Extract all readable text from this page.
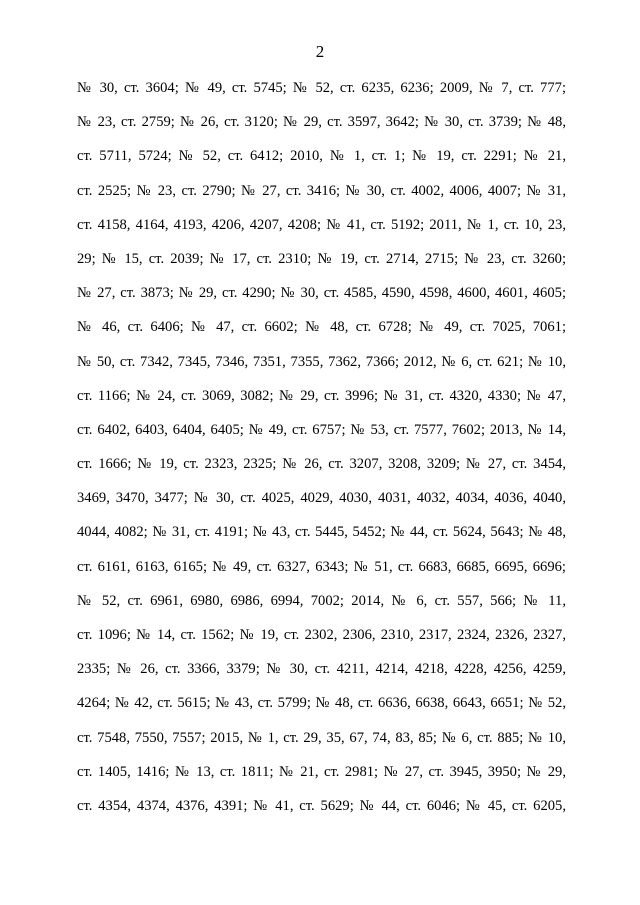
2
№ 30, ст. 3604; № 49, ст. 5745; № 52, ст. 6235, 6236; 2009, № 7, ст. 777;
№ 23, ст. 2759; № 26, ст. 3120; № 29, ст. 3597, 3642; № 30, ст. 3739; № 48,
ст. 5711, 5724; № 52, ст. 6412; 2010, № 1, ст. 1; № 19, ст. 2291; № 21,
ст. 2525; № 23, ст. 2790; № 27, ст. 3416; № 30, ст. 4002, 4006, 4007; № 31,
ст. 4158, 4164, 4193, 4206, 4207, 4208; № 41, ст. 5192; 2011, № 1, ст. 10, 23,
29; № 15, ст. 2039; № 17, ст. 2310; № 19, ст. 2714, 2715; № 23, ст. 3260;
№ 27, ст. 3873; № 29, ст. 4290; № 30, ст. 4585, 4590, 4598, 4600, 4601, 4605;
№ 46, ст. 6406; № 47, ст. 6602; № 48, ст. 6728; № 49, ст. 7025, 7061;
№ 50, ст. 7342, 7345, 7346, 7351, 7355, 7362, 7366; 2012, № 6, ст. 621; № 10,
ст. 1166; № 24, ст. 3069, 3082; № 29, ст. 3996; № 31, ст. 4320, 4330; № 47,
ст. 6402, 6403, 6404, 6405; № 49, ст. 6757; № 53, ст. 7577, 7602; 2013, № 14,
ст. 1666; № 19, ст. 2323, 2325; № 26, ст. 3207, 3208, 3209; № 27, ст. 3454,
3469, 3470, 3477; № 30, ст. 4025, 4029, 4030, 4031, 4032, 4034, 4036, 4040,
4044, 4082; № 31, ст. 4191; № 43, ст. 5445, 5452; № 44, ст. 5624, 5643; № 48,
ст. 6161, 6163, 6165; № 49, ст. 6327, 6343; № 51, ст. 6683, 6685, 6695, 6696;
№ 52, ст. 6961, 6980, 6986, 6994, 7002; 2014, № 6, ст. 557, 566; № 11,
ст. 1096; № 14, ст. 1562; № 19, ст. 2302, 2306, 2310, 2317, 2324, 2326, 2327,
2335; № 26, ст. 3366, 3379; № 30, ст. 4211, 4214, 4218, 4228, 4256, 4259,
4264; № 42, ст. 5615; № 43, ст. 5799; № 48, ст. 6636, 6638, 6643, 6651; № 52,
ст. 7548, 7550, 7557; 2015, № 1, ст. 29, 35, 67, 74, 83, 85; № 6, ст. 885; № 10,
ст. 1405, 1416; № 13, ст. 1811; № 21, ст. 2981; № 27, ст. 3945, 3950; № 29,
ст. 4354, 4374, 4376, 4391; № 41, ст. 5629; № 44, ст. 6046; № 45, ст. 6205,
